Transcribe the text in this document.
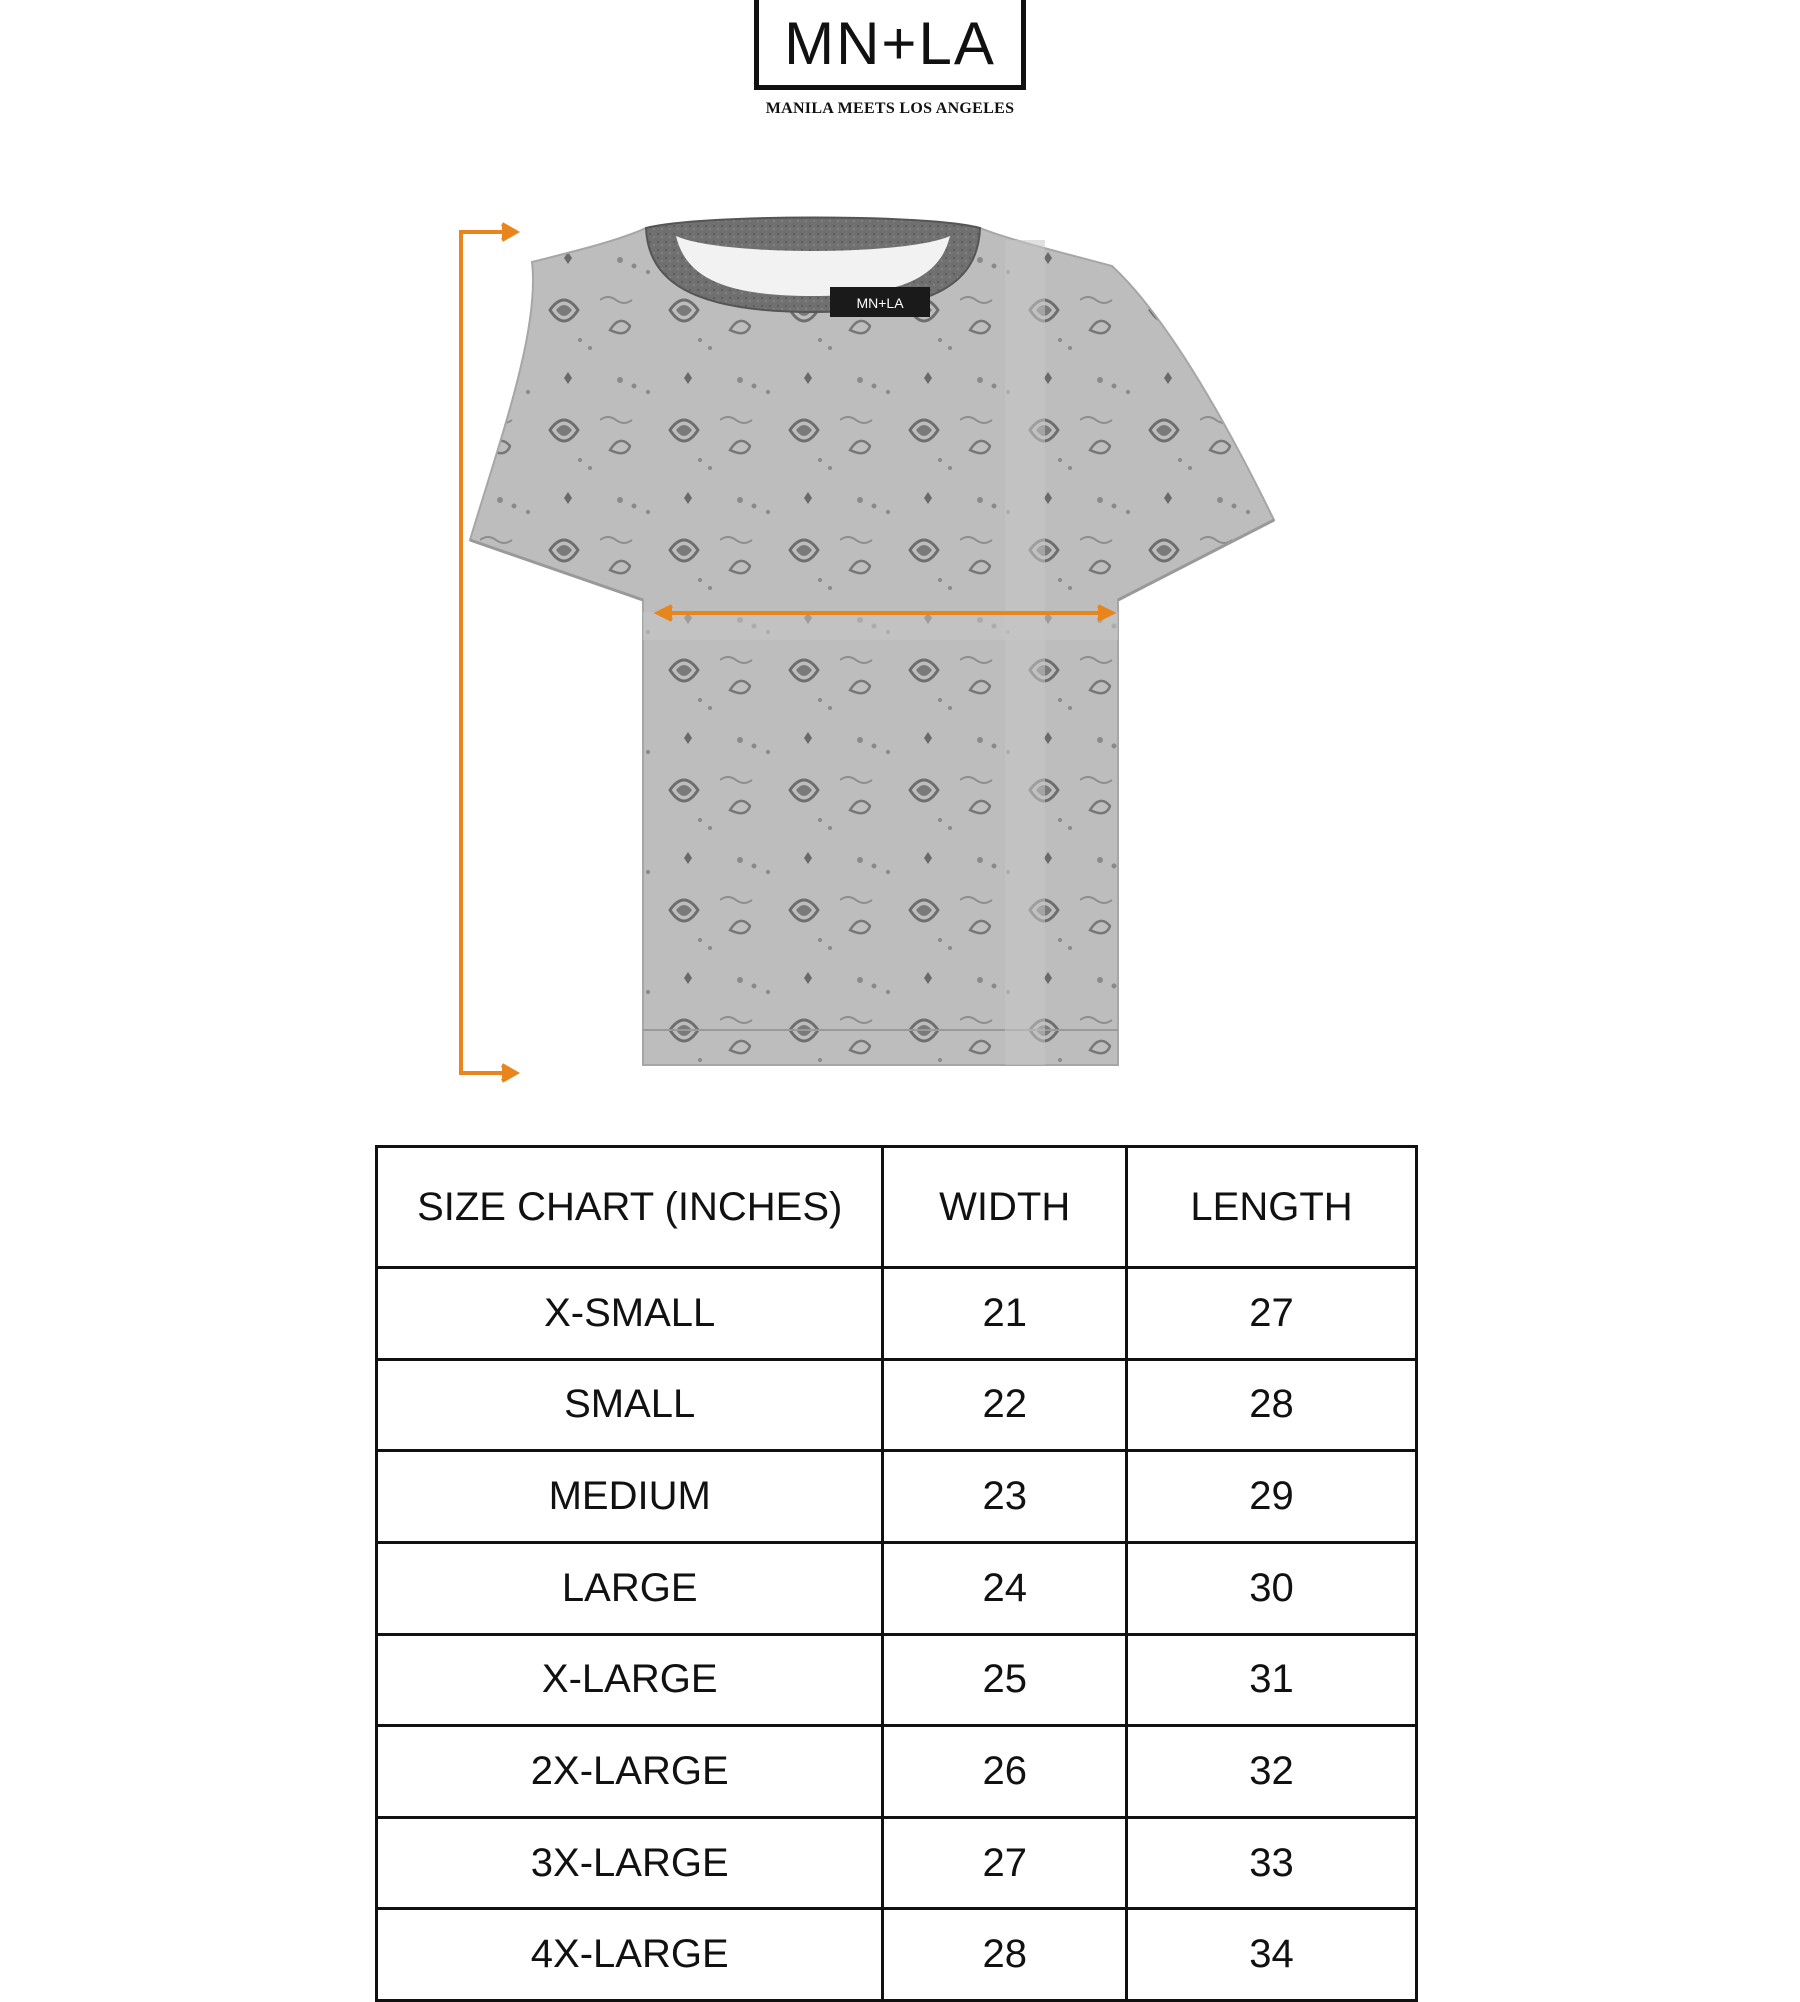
MN+LA
MANILA MEETS LOS ANGELES
MN+LA
SIZE CHART (INCHES)	WIDTH	LENGTH
X-SMALL	21	27
SMALL	22	28
MEDIUM	23	29
LARGE	24	30
X-LARGE	25	31
2X-LARGE	26	32
3X-LARGE	27	33
4X-LARGE	28	34
